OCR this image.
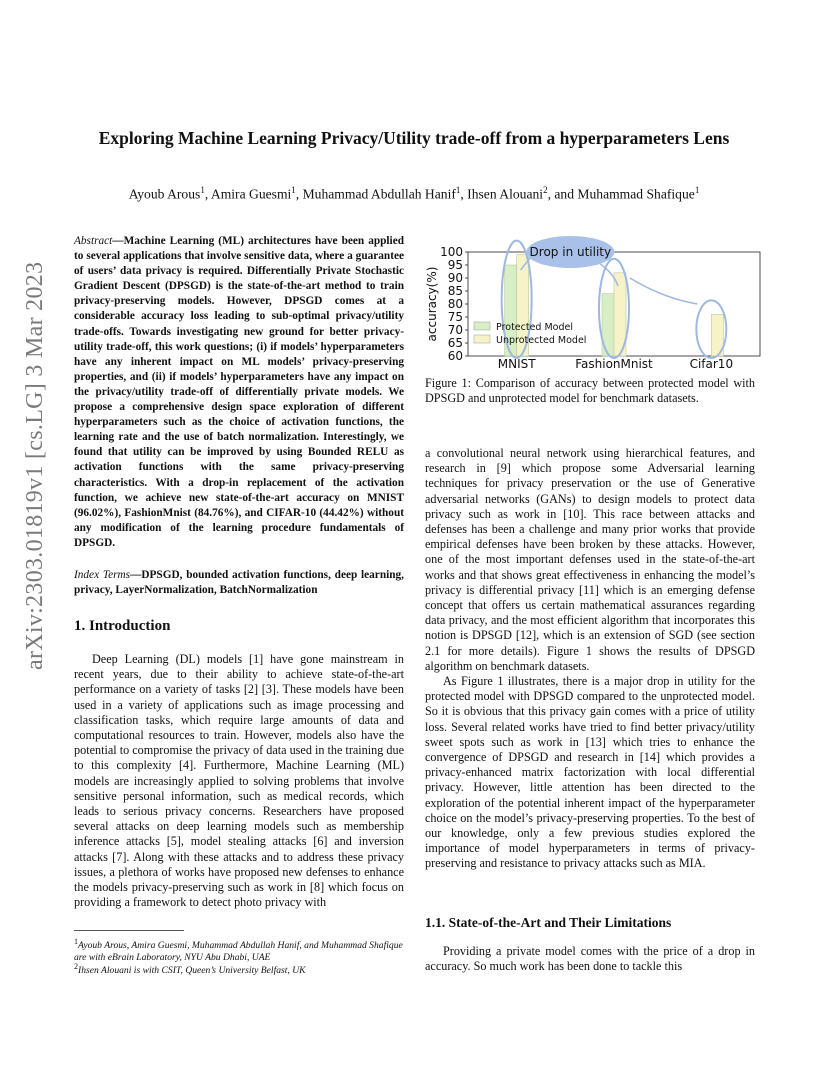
Exploring Machine Learning Privacy/Utility trade-off from a hyperparameters Lens
Ayoub Arous$^1$, Amira Guesmi$^1$, Muhammad Abdullah Hanif$^1$, Ihsen Alouani$^2$, and Muhammad Shafique$^1$
arXiv:2303.01819v1 [cs.LG] 3 Mar 2023
Abstract—Machine Learning (ML) architectures have been applied to several applications that involve sensitive data, where a guarantee of users’ data privacy is required. Differentially Private Stochastic Gradient Descent (DPSGD) is the state-of-the-art method to train privacy-preserving models. However, DPSGD comes at a considerable accuracy loss leading to sub-optimal privacy/utility trade-offs. Towards investigating new ground for better privacy-utility trade-off, this work questions; (i) if models’ hyperparameters have any inherent impact on ML models’ privacy-preserving properties, and (ii) if models’ hyperparameters have any impact on the privacy/utility trade-off of differentially private models. We propose a comprehensive design space exploration of different hyperparameters such as the choice of activation functions, the learning rate and the use of batch normalization. Interestingly, we found that utility can be improved by using Bounded RELU as activation functions with the same privacy-preserving characteristics. With a drop-in replacement of the activation function, we achieve new state-of-the-art accuracy on MNIST (96.02%), FashionMnist (84.76%), and CIFAR-10 (44.42%) without any modification of the learning procedure fundamentals of DPSGD.
Index Terms—DPSGD, bounded activation functions, deep learning, privacy, LayerNormalization, BatchNormalization
1. Introduction

Deep Learning (DL) models [1] have gone mainstream in recent years, due to their ability to achieve state-of-the-art performance on a variety of tasks [2] [3]. These models have been used in a variety of applications such as image processing and classification tasks, which require large amounts of data and computational resources to train. However, models also have the potential to compromise the privacy of data used in the training due to this complexity [4]. Furthermore, Machine Learning (ML) models are increasingly applied to solving problems that involve sensitive personal information, such as medical records, which leads to serious privacy concerns. Researchers have proposed several attacks on deep learning models such as membership inference attacks [5], model stealing attacks [6] and inversion attacks [7]. Along with these attacks and to address these privacy issues, a plethora of works have proposed new defenses to enhance the models privacy-preserving such as work in [8] which focus on providing a framework to detect photo privacy with

$^1$Ayoub Arous, Amira Guesmi, Muhammad Abdullah Hanif, and Muhammad Shafique are with eBrain Laboratory, NYU Abu Dhabi, UAE
$^2$Ihsen Alouani is with CSIT, Queen’s University Belfast, UK
100
95
90
85
80
75
70
65
60
accuracy(%)
MNIST	FashionMnist	Cifar10
Drop in utility
Protected Model
Unprotected Model
Figure 1: Comparison of accuracy between protected model with DPSGD and unprotected model for benchmark datasets.

a convolutional neural network using hierarchical features, and research in [9] which propose some Adversarial learning techniques for privacy preservation or the use of Generative adversarial networks (GANs) to design models to protect data privacy such as work in [10]. This race between attacks and defenses has been a challenge and many prior works that provide empirical defenses have been broken by these attacks. However, one of the most important defenses used in the state-of-the-art works and that shows great effectiveness in enhancing the model’s privacy is differential privacy [11] which is an emerging defense concept that offers us certain mathematical assurances regarding data privacy, and the most efficient algorithm that incorporates this notion is DPSGD [12], which is an extension of SGD (see section 2.1 for more details). Figure 1 shows the results of DPSGD algorithm on benchmark datasets.

As Figure 1 illustrates, there is a major drop in utility for the protected model with DPSGD compared to the unprotected model. So it is obvious that this privacy gain comes with a price of utility loss. Several related works have tried to find better privacy/utility sweet spots such as work in [13] which tries to enhance the convergence of DPSGD and research in [14] which provides a privacy-enhanced matrix factorization with local differential privacy. However, little attention has been directed to the exploration of the potential inherent impact of the hyperparameter choice on the model’s privacy-preserving properties. To the best of our knowledge, only a few previous studies explored the importance of model hyperparameters in terms of privacy-preserving and resistance to privacy attacks such as MIA.

1.1. State-of-the-Art and Their Limitations

Providing a private model comes with the price of a drop in accuracy. So much work has been done to tackle this
